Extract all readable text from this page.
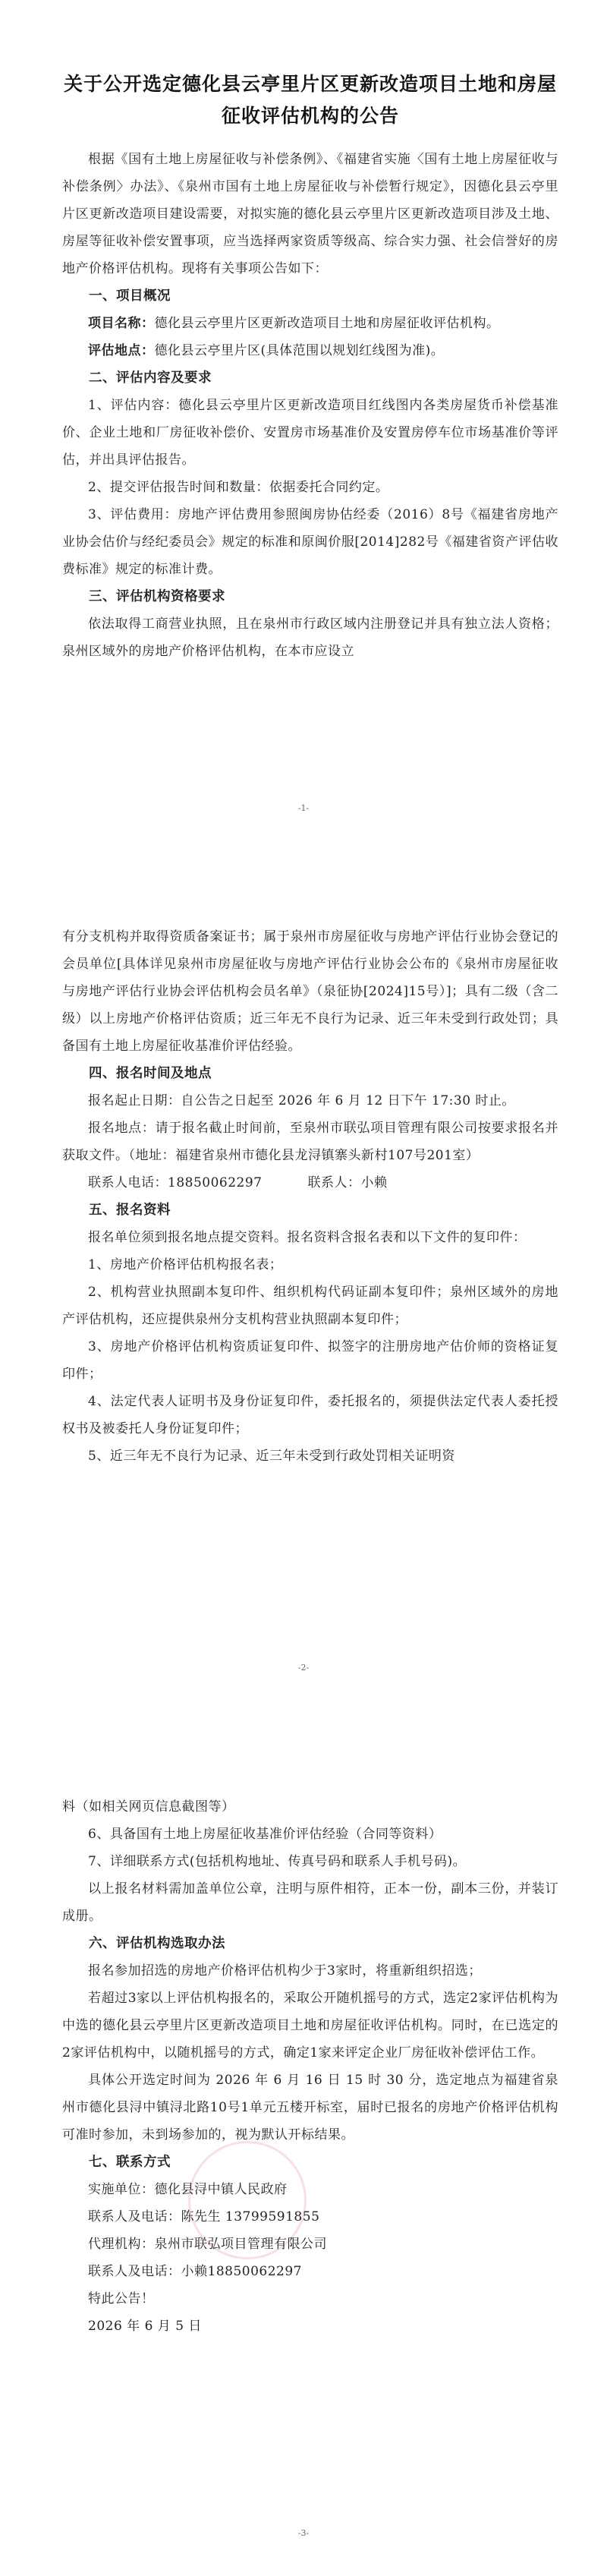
关于公开选定德化县云亭里片区更新改造项目土地和房屋征收评估机构的公告

根据《国有土地上房屋征收与补偿条例》、《福建省实施〈国有土地上房屋征收与补偿条例〉办法》、《泉州市国有土地上房屋征收与补偿暂行规定》，因德化县云亭里片区更新改造项目建设需要，对拟实施的德化县云亭里片区更新改造项目涉及土地、房屋等征收补偿安置事项，应当选择两家资质等级高、综合实力强、社会信誉好的房地产价格评估机构。现将有关事项公告如下：

一、项目概况

项目名称：德化县云亭里片区更新改造项目土地和房屋征收评估机构。

评估地点：德化县云亭里片区(具体范围以规划红线图为准)。

二、评估内容及要求

1、评估内容：德化县云亭里片区更新改造项目红线图内各类房屋货币补偿基准价、企业土地和厂房征收补偿价、安置房市场基准价及安置房停车位市场基准价等评估，并出具评估报告。

2、提交评估报告时间和数量：依据委托合同约定。

3、评估费用：房地产评估费用参照闽房协估经委（2016）8号《福建省房地产业协会估价与经纪委员会》规定的标准和原闽价服[2014]282号《福建省资产评估收费标准》规定的标准计费。

三、评估机构资格要求

依法取得工商营业执照，且在泉州市行政区域内注册登记并具有独立法人资格；泉州区域外的房地产价格评估机构，在本市应设立

-1-

有分支机构并取得资质备案证书；属于泉州市房屋征收与房地产评估行业协会登记的会员单位[具体详见泉州市房屋征收与房地产评估行业协会公布的《泉州市房屋征收与房地产评估行业协会评估机构会员名单》（泉征协[2024]15号）]；具有二级（含二级）以上房地产价格评估资质；近三年无不良行为记录、近三年未受到行政处罚；具备国有土地上房屋征收基准价评估经验。

四、报名时间及地点

报名起止日期：自公告之日起至 2026 年 6 月 12 日下午 17:30 时止。

报名地点：请于报名截止时间前，至泉州市联弘项目管理有限公司按要求报名并获取文件。（地址：福建省泉州市德化县龙浔镇寨头新村107号201室）

联系人电话：18850062297	联系人：小赖

五、报名资料

报名单位须到报名地点提交资料。报名资料含报名表和以下文件的复印件：

1、房地产价格评估机构报名表；

2、机构营业执照副本复印件、组织机构代码证副本复印件；泉州区域外的房地产评估机构，还应提供泉州分支机构营业执照副本复印件；

3、房地产价格评估机构资质证复印件、拟签字的注册房地产估价师的资格证复印件；

4、法定代表人证明书及身份证复印件，委托报名的，须提供法定代表人委托授权书及被委托人身份证复印件；

5、近三年无不良行为记录、近三年未受到行政处罚相关证明资

-2-

料（如相关网页信息截图等）

6、具备国有土地上房屋征收基准价评估经验（合同等资料）

7、详细联系方式(包括机构地址、传真号码和联系人手机号码)。

以上报名材料需加盖单位公章，注明与原件相符，正本一份，副本三份，并装订成册。

六、评估机构选取办法

报名参加招选的房地产价格评估机构少于3家时，将重新组织招选；

若超过3家以上评估机构报名的，采取公开随机摇号的方式，选定2家评估机构为中选的德化县云亭里片区更新改造项目土地和房屋征收评估机构。同时，在已选定的2家评估机构中，以随机摇号的方式，确定1家来评定企业厂房征收补偿评估工作。

具体公开选定时间为 2026 年 6 月 16 日 15 时 30 分，选定地点为福建省泉州市德化县浔中镇浔北路10号1单元五楼开标室，届时已报名的房地产价格评估机构可准时参加，未到场参加的，视为默认开标结果。

七、联系方式

实施单位：德化县浔中镇人民政府

联系人及电话：陈先生 13799591855

代理机构：泉州市联弘项目管理有限公司

联系人及电话：小赖18850062297

特此公告！

2026 年 6 月 5 日

-3-
